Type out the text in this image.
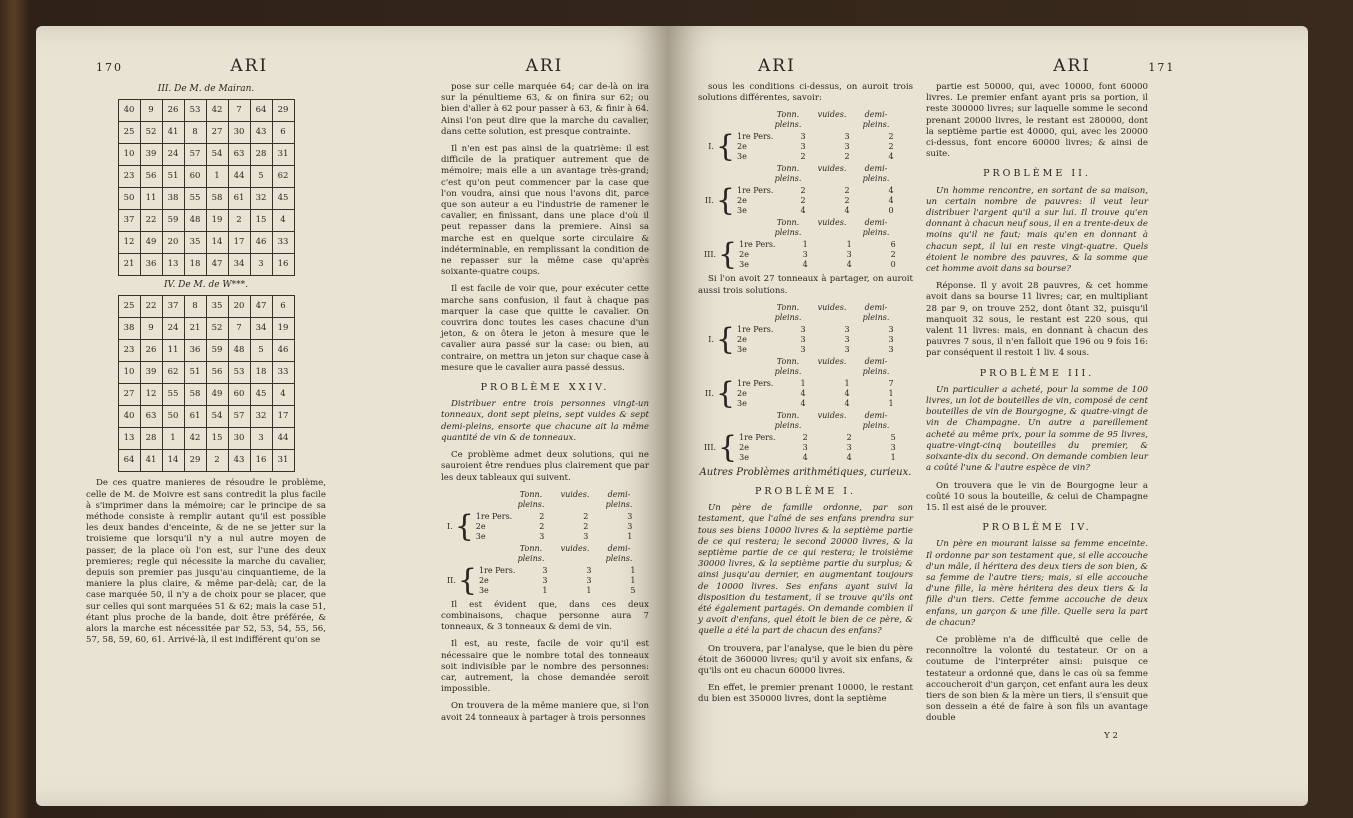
170	ARI	ARI
III. De M. de Mairan.
40	9	26	53	42	7	64	29
25	52	41	8	27	30	43	6
10	39	24	57	54	63	28	31
23	56	51	60	1	44	5	62
50	11	38	55	58	61	32	45
37	22	59	48	19	2	15	4
12	49	20	35	14	17	46	33
21	36	13	18	47	34	3	16
IV. De M. de W***.
25	22	37	8	35	20	47	6
38	9	24	21	52	7	34	19
23	26	11	36	59	48	5	46
10	39	62	51	56	53	18	33
27	12	55	58	49	60	45	4
40	63	50	61	54	57	32	17
13	28	1	42	15	30	3	44
64	41	14	29	2	43	16	31

De ces quatre manieres de résoudre le problème, celle de M. de Moivre est sans contredit la plus facile à s'imprimer dans la mémoire; car le principe de sa méthode consiste à remplir autant qu'il est possible les deux bandes d'enceinte, & de ne se jetter sur la troisieme que lorsqu'il n'y a nul autre moyen de passer, de la place où l'on est, sur l'une des deux premieres; regle qui nécessite la marche du cavalier, depuis son premier pas jusqu'au cinquantieme, de la maniere la plus claire, & même par-delà; car, de la case marquée 50, il n'y a de choix pour se placer, que sur celles qui sont marquées 51 & 62; mais la case 51, étant plus proche de la bande, doit être préférée, & alors la marche est nécessitée par 52, 53, 54, 55, 56, 57, 58, 59, 60, 61. Arrivé-là, il est indifférent qu'on se

pose sur celle marquée 64; car de-là on ira sur la pénultieme 63, & on finira sur 62; ou bien d'aller à 62 pour passer à 63, & finir à 64. Ainsi l'on peut dire que la marche du cavalier, dans cette solution, est presque contrainte.

Il n'en est pas ainsi de la quatrième: il est difficile de la pratiquer autrement que de mémoire; mais elle a un avantage très-grand; c'est qu'on peut commencer par la case que l'on voudra, ainsi que nous l'avons dit, parce que son auteur a eu l'industrie de ramener le cavalier, en finissant, dans une place d'où il peut repasser dans la premiere. Ainsi sa marche est en quelque sorte circulaire & indéterminable, en remplissant la condition de ne repasser sur la même case qu'après soixante-quatre coups.

Il est facile de voir que, pour exécuter cette marche sans confusion, il faut à chaque pas marquer la case que quitte le cavalier. On couvrira donc toutes les cases chacune d'un jeton, & on ôtera le jeton à mesure que le cavalier aura passé sur la case: ou bien, au contraire, on mettra un jeton sur chaque case à mesure que le cavalier aura passé dessus.

PROBLÈME XXIV.

Distribuer entre trois personnes vingt-un tonneaux, dont sept pleins, sept vuides & sept demi-pleins, ensorte que chacune ait la même quantité de vin & de tonneaux.

Ce problème admet deux solutions, qui ne sauroient être rendues plus clairement que par les deux tableaux qui suivent.

Tonn. pleins.
vuides.	demi-pleins.
I. { 1re Pers.	2	2	3
2e	2	2	3
3e	3	3	1
Tonn. pleins.
vuides.	demi-pleins.
II. { 1re Pers.	3	3	1
2e	3	3	1
3e	1	1	5

Il est évident que, dans ces deux combinaisons, chaque personne aura 7 tonneaux, & 3 tonneaux & demi de vin.

Il est, au reste, facile de voir qu'il est nécessaire que le nombre total des tonneaux soit indivisible par le nombre des personnes: car, autrement, la chose demandée seroit impossible.

On trouvera de la même maniere que, si l'on avoit 24 tonneaux à partager à trois personnes

ARI	ARI	171

sous les conditions ci-dessus, on auroit trois solutions différentes, savoir:

Tonn. pleins.
vuides.	demi-pleins.
I. { 1re Pers.	3	3	2
2e	3	3	2
3e	2	2	4
Tonn. pleins.
vuides.	demi-pleins.
II. { 1re Pers.	2	2	4
2e	2	2	4
3e	4	4	0
Tonn. pleins.
vuides.	demi-pleins.
III. { 1re Pers.	1	1	6
2e	3	3	2
3e	4	4	0

Si l'on avoit 27 tonneaux à partager, on auroit aussi trois solutions.

Tonn. pleins.
vuides.	demi-pleins.
I. { 1re Pers.	3	3	3
2e	3	3	3
3e	3	3	3
Tonn. pleins.
vuides.	demi-pleins.
II. { 1re Pers.	1	1	7
2e	4	4	1
3e	4	4	1
Tonn. pleins.
vuides.	demi-pleins.
III. { 1re Pers.	2	2	5
2e	3	3	3
3e	4	4	1
Autres Problèmes arithmétiques, curieux.
PROBLÈME I.

Un père de famille ordonne, par son testament, que l'aîné de ses enfans prendra sur tous ses biens 10000 livres & la septième partie de ce qui restera; le second 20000 livres, & la septième partie de ce qui restera; le troisième 30000 livres, & la septième partie du surplus; & ainsi jusqu'au dernier, en augmentant toujours de 10000 livres. Ses enfans ayant suivi la disposition du testament, il se trouve qu'ils ont été également partagés. On demande combien il y avoit d'enfans, quel étoit le bien de ce père, & quelle a été la part de chacun des enfans?

On trouvera, par l'analyse, que le bien du père étoit de 360000 livres; qu'il y avoit six enfans, & qu'ils ont eu chacun 60000 livres.

En effet, le premier prenant 10000, le restant du bien est 350000 livres, dont la septième

partie est 50000, qui, avec 10000, font 60000 livres. Le premier enfant ayant pris sa portion, il reste 300000 livres; sur laquelle somme le second prenant 20000 livres, le restant est 280000, dont la septième partie est 40000, qui, avec les 20000 ci-dessus, font encore 60000 livres; & ainsi de suite.

PROBLÈME II.

Un homme rencontre, en sortant de sa maison, un certain nombre de pauvres: il veut leur distribuer l'argent qu'il a sur lui. Il trouve qu'en donnant à chacun neuf sous, il en a trente-deux de moins qu'il ne faut; mais qu'en en donnant à chacun sept, il lui en reste vingt-quatre. Quels étoient le nombre des pauvres, & la somme que cet homme avoit dans sa bourse?

Réponse. Il y avoit 28 pauvres, & cet homme avoit dans sa bourse 11 livres; car, en multipliant 28 par 9, on trouve 252, dont ôtant 32, puisqu'il manquoit 32 sous, le restant est 220 sous, qui valent 11 livres: mais, en donnant à chacun des pauvres 7 sous, il n'en falloit que 196 ou 9 fois 16: par conséquent il restoit 1 liv. 4 sous.

PROBLÈME III.

Un particulier a acheté, pour la somme de 100 livres, un lot de bouteilles de vin, composé de cent bouteilles de vin de Bourgogne, & quatre-vingt de vin de Champagne. Un autre a pareillement acheté au même prix, pour la somme de 95 livres, quatre-vingt-cinq bouteilles du premier, & soixante-dix du second. On demande combien leur a coûté l'une & l'autre espèce de vin?

On trouvera que le vin de Bourgogne leur a coûté 10 sous la bouteille, & celui de Champagne 15. Il est aisé de le prouver.

PROBLÈME IV.

Un père en mourant laisse sa femme enceinte. Il ordonne par son testament que, si elle accouche d'un mâle, il héritera des deux tiers de son bien, & sa femme de l'autre tiers; mais, si elle accouche d'une fille, la mère héritera des deux tiers & la fille d'un tiers. Cette femme accouche de deux enfans, un garçon & une fille. Quelle sera la part de chacun?

Ce problème n'a de difficulté que celle de reconnoître la volonté du testateur. Or on a coutume de l'interpréter ainsi: puisque ce testateur a ordonné que, dans le cas où sa femme accoucheroit d'un garçon, cet enfant aura les deux tiers de son bien & la mère un tiers, il s'ensuit que son dessein a été de faire à son fils un avantage double

Y 2
